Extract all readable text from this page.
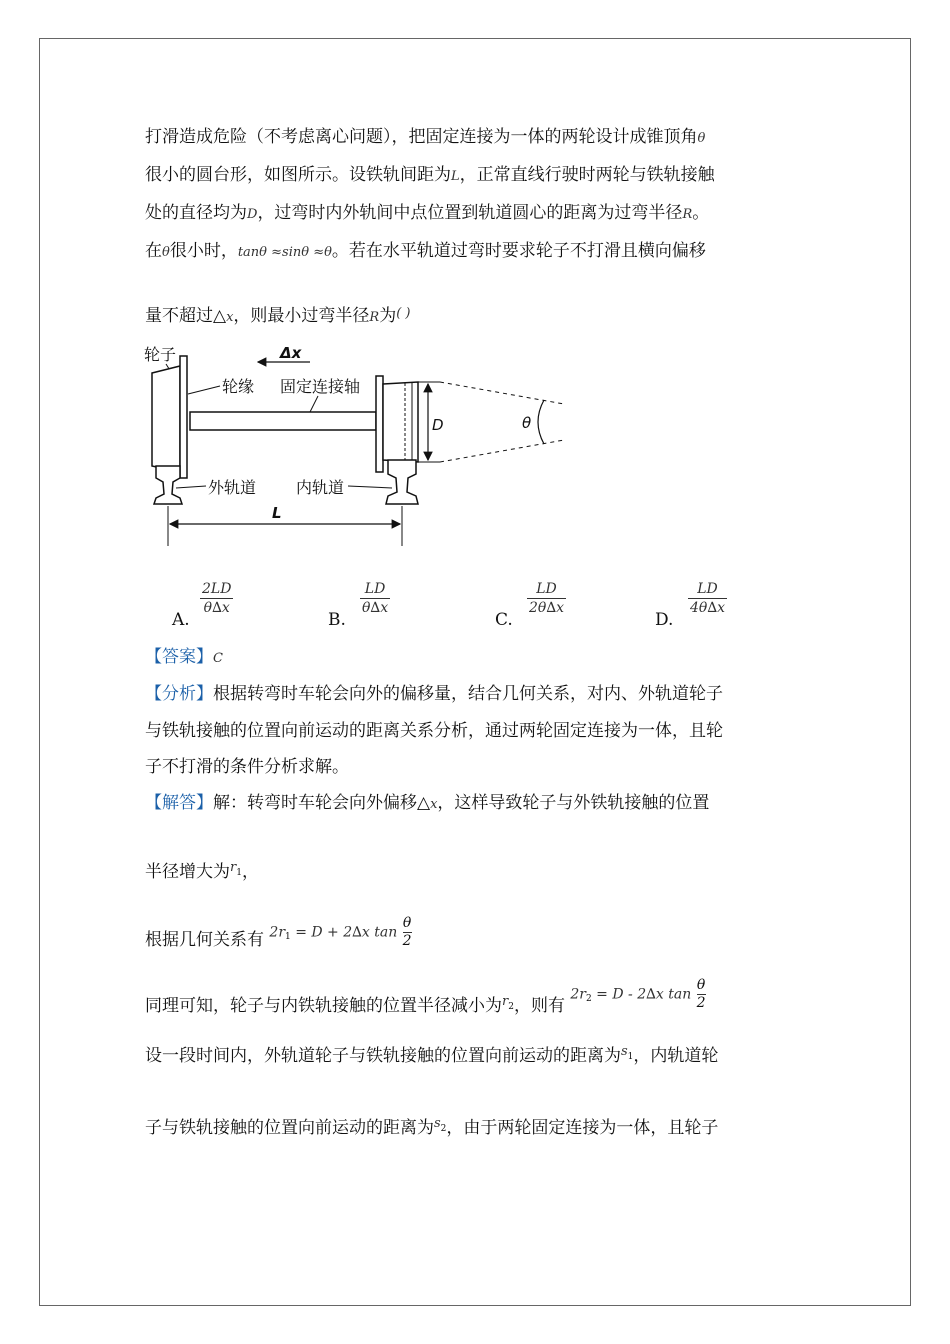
打滑造成危险（不考虑离心问题），把固定连接为一体的两轮设计成锥顶角θ
很小的圆台形，如图所示。设铁轨间距为L，正常直线行驶时两轮与铁轨接触
处的直径均为D，过弯时内外轨间中点位置到轨道圆心的距离为过弯半径R。
在θ很小时，tanθ ≈sinθ ≈θ。若在水平轨道过弯时要求轮子不打滑且横向偏移
量不超过△x，则最小过弯半径R为( )
轮子
D	θ
Δx
轮缘 固定连接轴
外轨道 内轨道
L
A.
$\frac{2LD}{\theta\Delta x}$
B.
$\frac{LD}{\theta\Delta x}$
C.
$\frac{LD}{2\theta\Delta x}$
D.
$\frac{LD}{4\theta\Delta x}$
【答案】C
【分析】根据转弯时车轮会向外的偏移量，结合几何关系，对内、外轨道轮子
与铁轨接触的位置向前运动的距离关系分析，通过两轮固定连接为一体，且轮
子不打滑的条件分析求解。
【解答】解：转弯时车轮会向外偏移△x，这样导致轮子与外铁轨接触的位置
半径增大为$^{r1}$，
根据几何关系有 $2r_1 = D + 2\Delta x$ $\tan \frac{\theta}{2}$
同理可知，轮子与内铁轨接触的位置半径减小为$^{r2}$，则有 $2r_2 = D - 2\Delta x$ $\tan \frac{\theta}{2}$
设一段时间内，外轨道轮子与铁轨接触的位置向前运动的距离为$^{s1}$，内轨道轮
子与铁轨接触的位置向前运动的距离为$^{s2}$，由于两轮固定连接为一体，且轮子
